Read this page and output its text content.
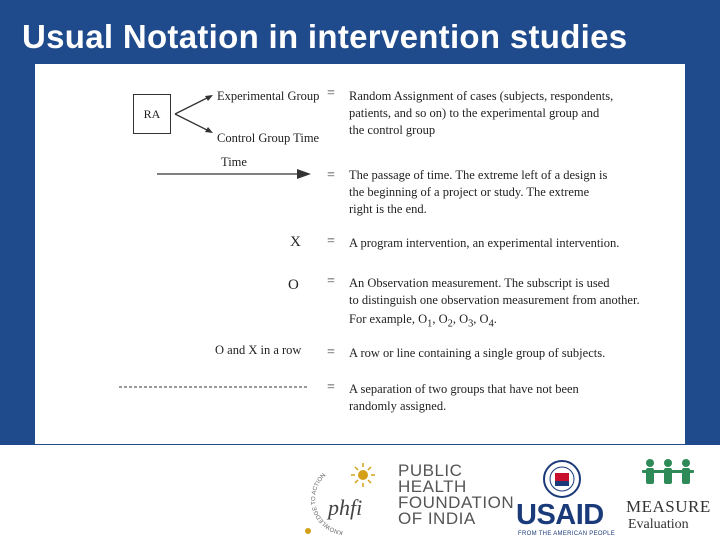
Usual Notation in intervention studies
RA
Experimental Group
Control Group Time
= Random Assignment of cases (subjects, respondents,

patients, and so on) to the experimental group and

the control group

Time
= The passage of time. The extreme left of a design is

the beginning of a project or study. The extreme

right is the end.

X = A program intervention, an experimental intervention.
O = An Observation measurement. The subscript is used

to distinguish one observation measurement from another.

For example, $O_1$, $O_2$, $O_3$, $O_4$.

O and X in a row = A row or line containing a single group of subjects.
= A separation of two groups that have not been

randomly assigned.

KNOWLEDGE TO ACTION
phfi
PUBLIC
HEALTH
FOUNDATION
OF INDIA	USAID
FROM THE AMERICAN PEOPLE
MEASURE
Evaluation
